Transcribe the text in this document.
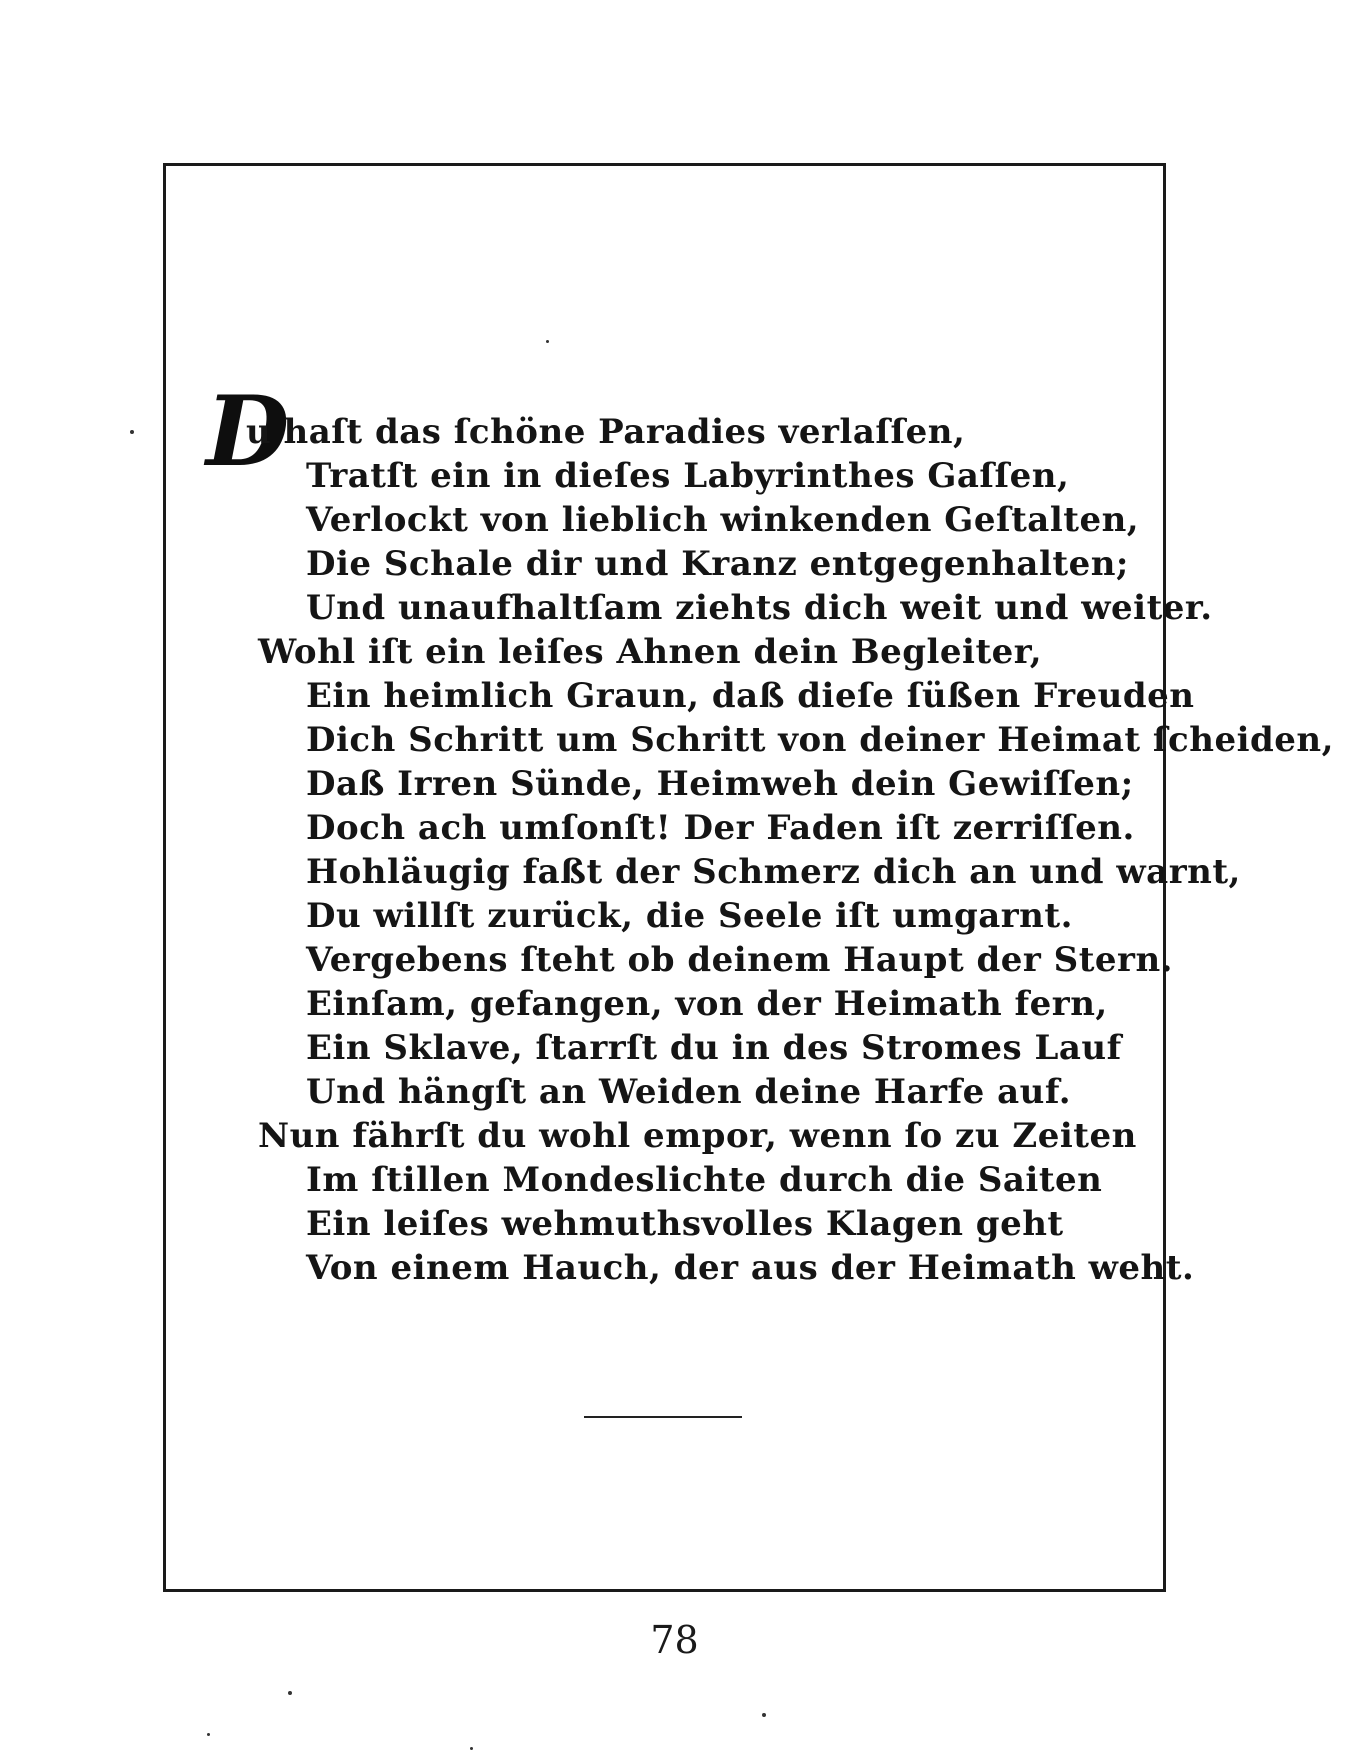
D
u haſt das ſchöne Paradies verlaſſen,
Tratſt ein in dieſes Labyrinthes Gaſſen,
Verlockt von lieblich winkenden Geſtalten,
Die Schale dir und Kranz entgegenhalten;
Und unaufhaltſam ziehts dich weit und weiter.
Wohl iſt ein leiſes Ahnen dein Begleiter,
Ein heimlich Graun, daß dieſe ſüßen Freuden
Dich Schritt um Schritt von deiner Heimat ſcheiden,
Daß Irren Sünde, Heimweh dein Gewiſſen;
Doch ach umſonſt! Der Faden iſt zerriſſen.
Hohläugig faßt der Schmerz dich an und warnt,
Du willſt zurück, die Seele iſt umgarnt.
Vergebens ſteht ob deinem Haupt der Stern.
Einſam, gefangen, von der Heimath fern,
Ein Sklave, ſtarrſt du in des Stromes Lauf
Und hängſt an Weiden deine Harfe auf.
Nun fährſt du wohl empor, wenn ſo zu Zeiten
Im ſtillen Mondeslichte durch die Saiten
Ein leiſes wehmuthsvolles Klagen geht
Von einem Hauch, der aus der Heimath weht.
78
